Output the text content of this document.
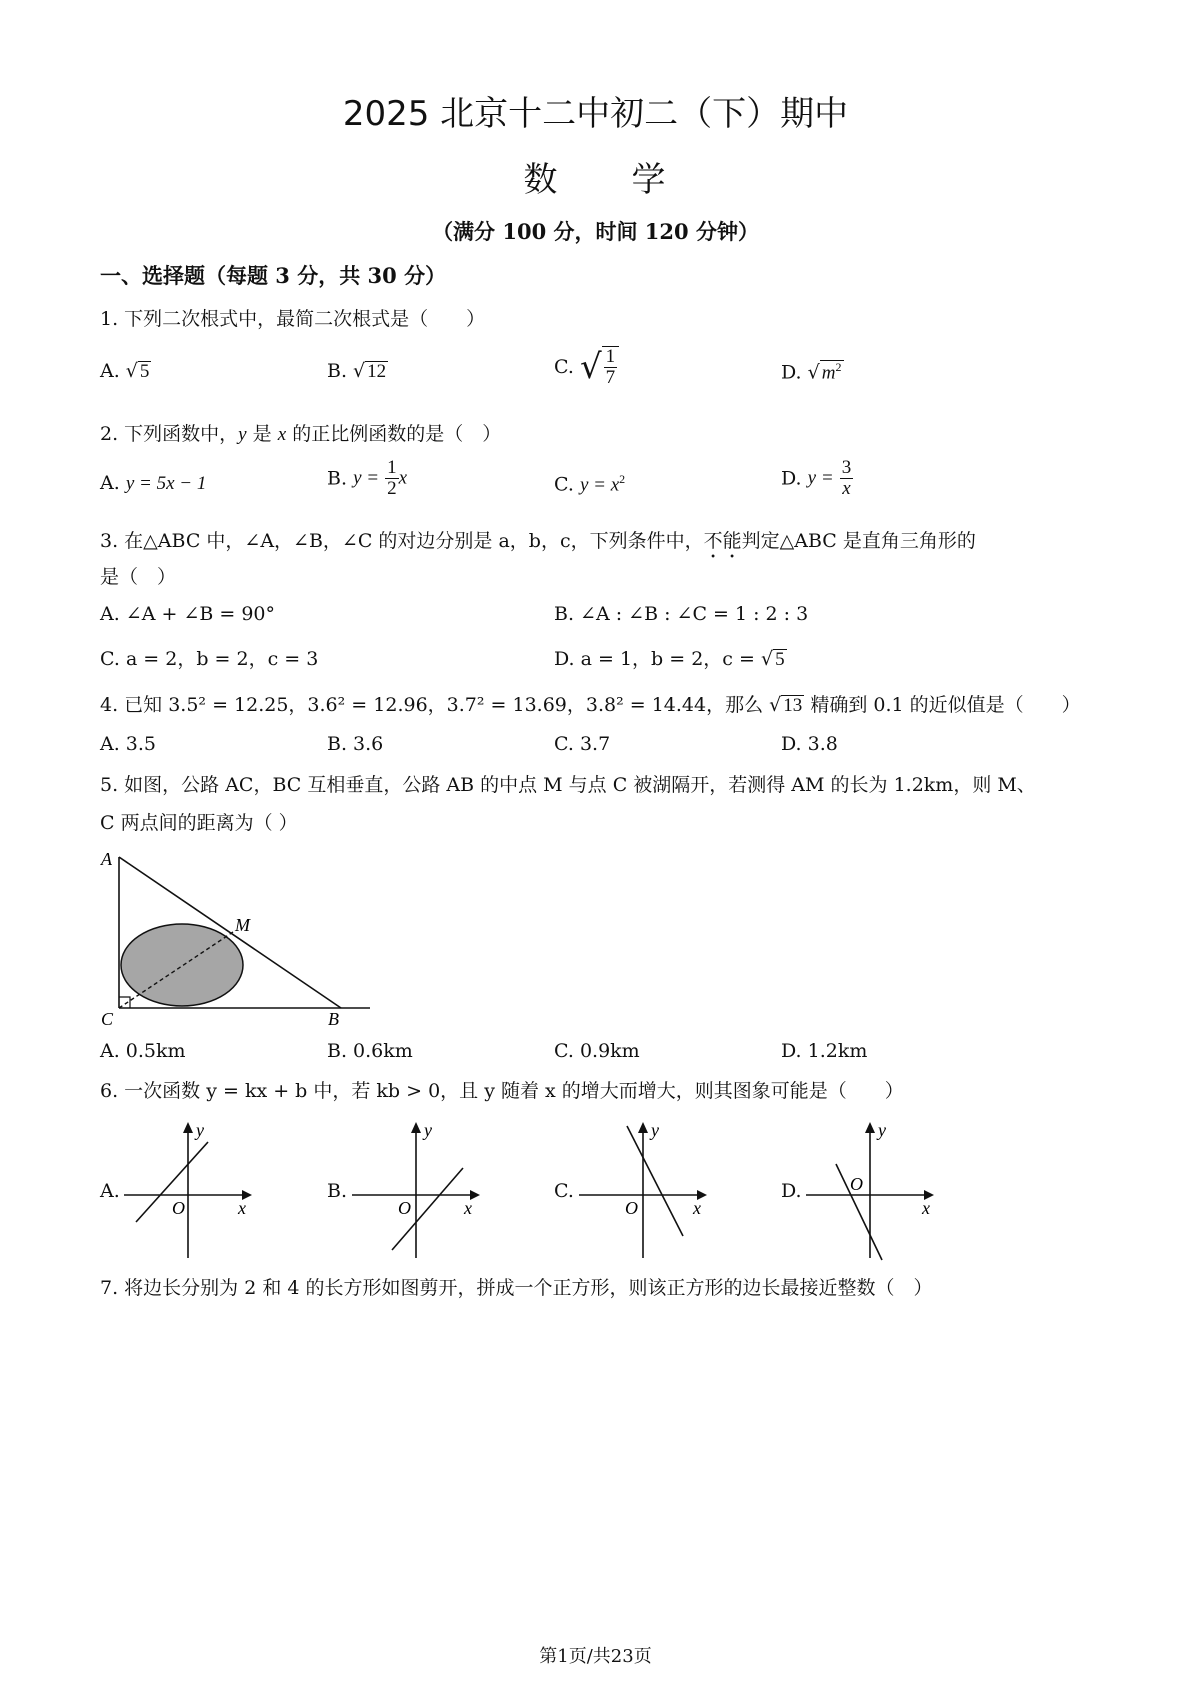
2025 北京十二中初二（下）期中
数　　学
（满分 100 分，时间 120 分钟）
一、选择题（每题 3 分，共 30 分）
1. 下列二次根式中，最简二次根式是（　　）
A. √ 5	B. √ 12	C. √ $\frac{1}{7}$	D. √ $m^2$
2. 下列函数中，y 是 x 的正比例函数的是（　）
A. y = 5x − 1	B. $y = \frac{1}{2}$ x	C. $y = x^2$	D. $y = \frac{3}{x}$
3. 在△ABC 中，∠A，∠B，∠C 的对边分别是 a，b，c，下列条件中，不能判定△ABC 是直角三角形的
是（　）
A. ∠A + ∠B = 90°	B. ∠A : ∠B : ∠C = 1 : 2 : 3
C. a = 2，b = 2，c = 3	D. a = 1，b = 2，c = √ 5
4. 已知 3.5² = 12.25，3.6² = 12.96，3.7² = 13.69，3.8² = 14.44，那么 √ 13 精确到 0.1 的近似值是（　　）
A. 3.5	B. 3.6	C. 3.7	D. 3.8
5. 如图，公路 AC，BC 互相垂直，公路 AB 的中点 M 与点 C 被湖隔开，若测得 AM 的长为 1.2km，则 M、
C 两点间的距离为（ ）
A
M
C	B
A. 0.5km	B. 0.6km	C. 0.9km	D. 1.2km
6. 一次函数 y = kx + b 中，若 kb > 0，且 y 随着 x 的增大而增大，则其图象可能是（　　）
A.
y
x
O
B.
y
x
O
C.
y
x
O
D.
y
x
O
7. 将边长分别为 2 和 4 的长方形如图剪开，拼成一个正方形，则该正方形的边长最接近整数（　）
第1页/共23页
